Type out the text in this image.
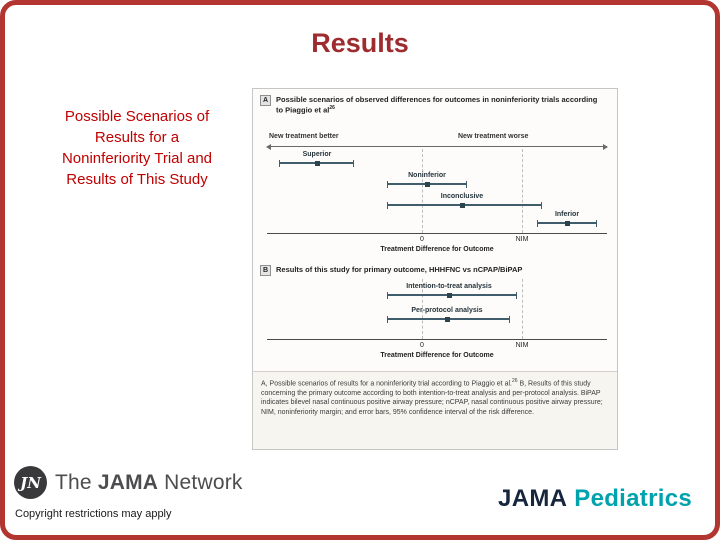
Results
Possible Scenarios of
Results for a
Noninferiority Trial and
Results of This Study
A	Possible scenarios of observed differences for outcomes in noninferiority trials according to Piaggio et $al^{26}$
New treatment better	New treatment worse
Superior
Noninferior
Inconclusive
Inferior
0	NIM
Treatment Difference for Outcome
B	Results of this study for primary outcome, HHHFNC vs nCPAP/BiPAP
Intention-to-treat analysis
Per-protocol analysis
0	NIM
Treatment Difference for Outcome
A, Possible scenarios of results for a noninferiority trial according to Piaggio et al.$^{26}$ B, Results of this study concerning the primary outcome according to both intention-to-treat analysis and per-protocol analysis. BiPAP indicates bilevel nasal continuous positive airway pressure; nCPAP, nasal continuous positive airway pressure; NIM, noninferiority margin; and error bars, 95% confidence interval of the risk difference.
JN The JAMA Network
Copyright restrictions may apply
JAMA Pediatrics
